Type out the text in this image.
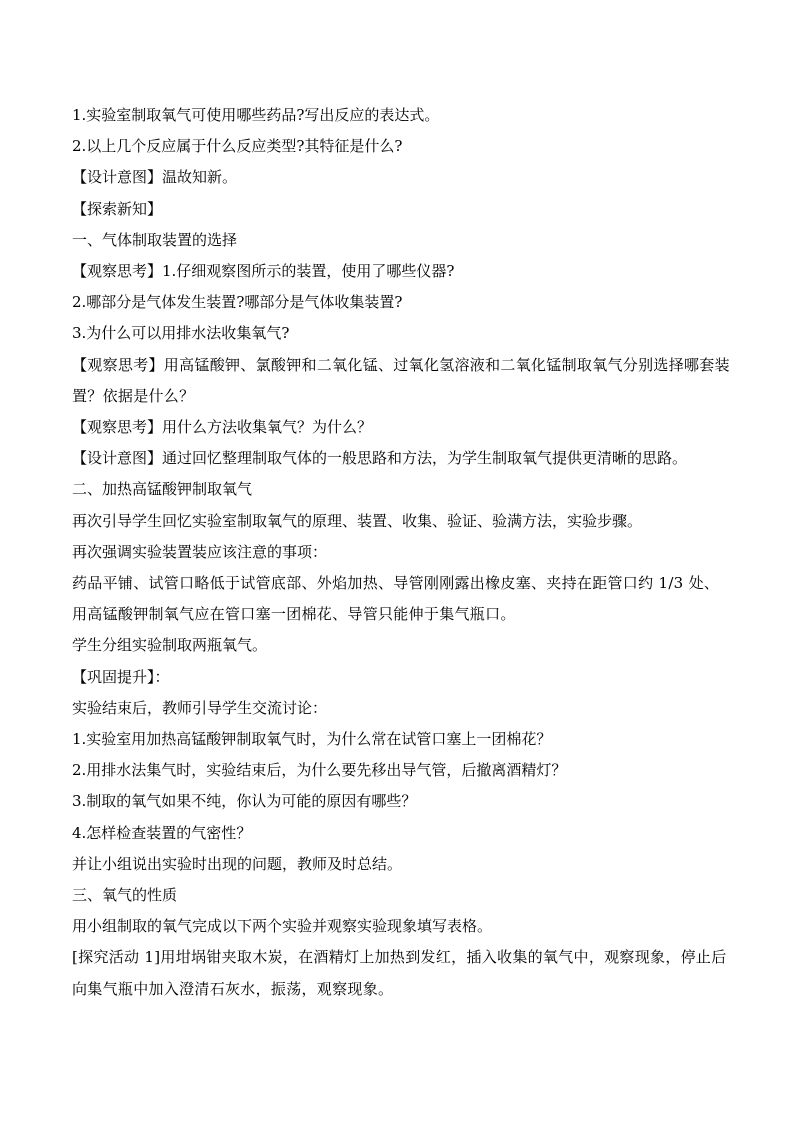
1.实验室制取氧气可使用哪些药品?写出反应的表达式。
2.以上几个反应属于什么反应类型?其特征是什么?
【设计意图】温故知新。
【探索新知】
一、气体制取装置的选择
【观察思考】1.仔细观察图所示的装置，使用了哪些仪器?
2.哪部分是气体发生装置?哪部分是气体收集装置?
3.为什么可以用排水法收集氧气?
【观察思考】用高锰酸钾、氯酸钾和二氧化锰、过氧化氢溶液和二氧化锰制取氧气分别选择哪套装置？依据是什么？
【观察思考】用什么方法收集氧气？为什么？
【设计意图】通过回忆整理制取气体的一般思路和方法，为学生制取氧气提供更清晰的思路。
二、加热高锰酸钾制取氧气
再次引导学生回忆实验室制取氧气的原理、装置、收集、验证、验满方法，实验步骤。
再次强调实验装置装应该注意的事项：
药品平铺、试管口略低于试管底部、外焰加热、导管刚刚露出橡皮塞、夹持在距管口约 1/3 处、用高锰酸钾制氧气应在管口塞一团棉花、导管只能伸于集气瓶口。
学生分组实验制取两瓶氧气。
【巩固提升】：
实验结束后，教师引导学生交流讨论：
1.实验室用加热高锰酸钾制取氧气时，为什么常在试管口塞上一团棉花？
2.用排水法集气时，实验结束后，为什么要先移出导气管，后撤离酒精灯？
3.制取的氧气如果不纯，你认为可能的原因有哪些？
4.怎样检查装置的气密性？
并让小组说出实验时出现的问题，教师及时总结。
三、氧气的性质
用小组制取的氧气完成以下两个实验并观察实验现象填写表格。
[探究活动 1]用坩埚钳夹取木炭，在酒精灯上加热到发红，插入收集的氧气中，观察现象，停止后向集气瓶中加入澄清石灰水，振荡，观察现象。
